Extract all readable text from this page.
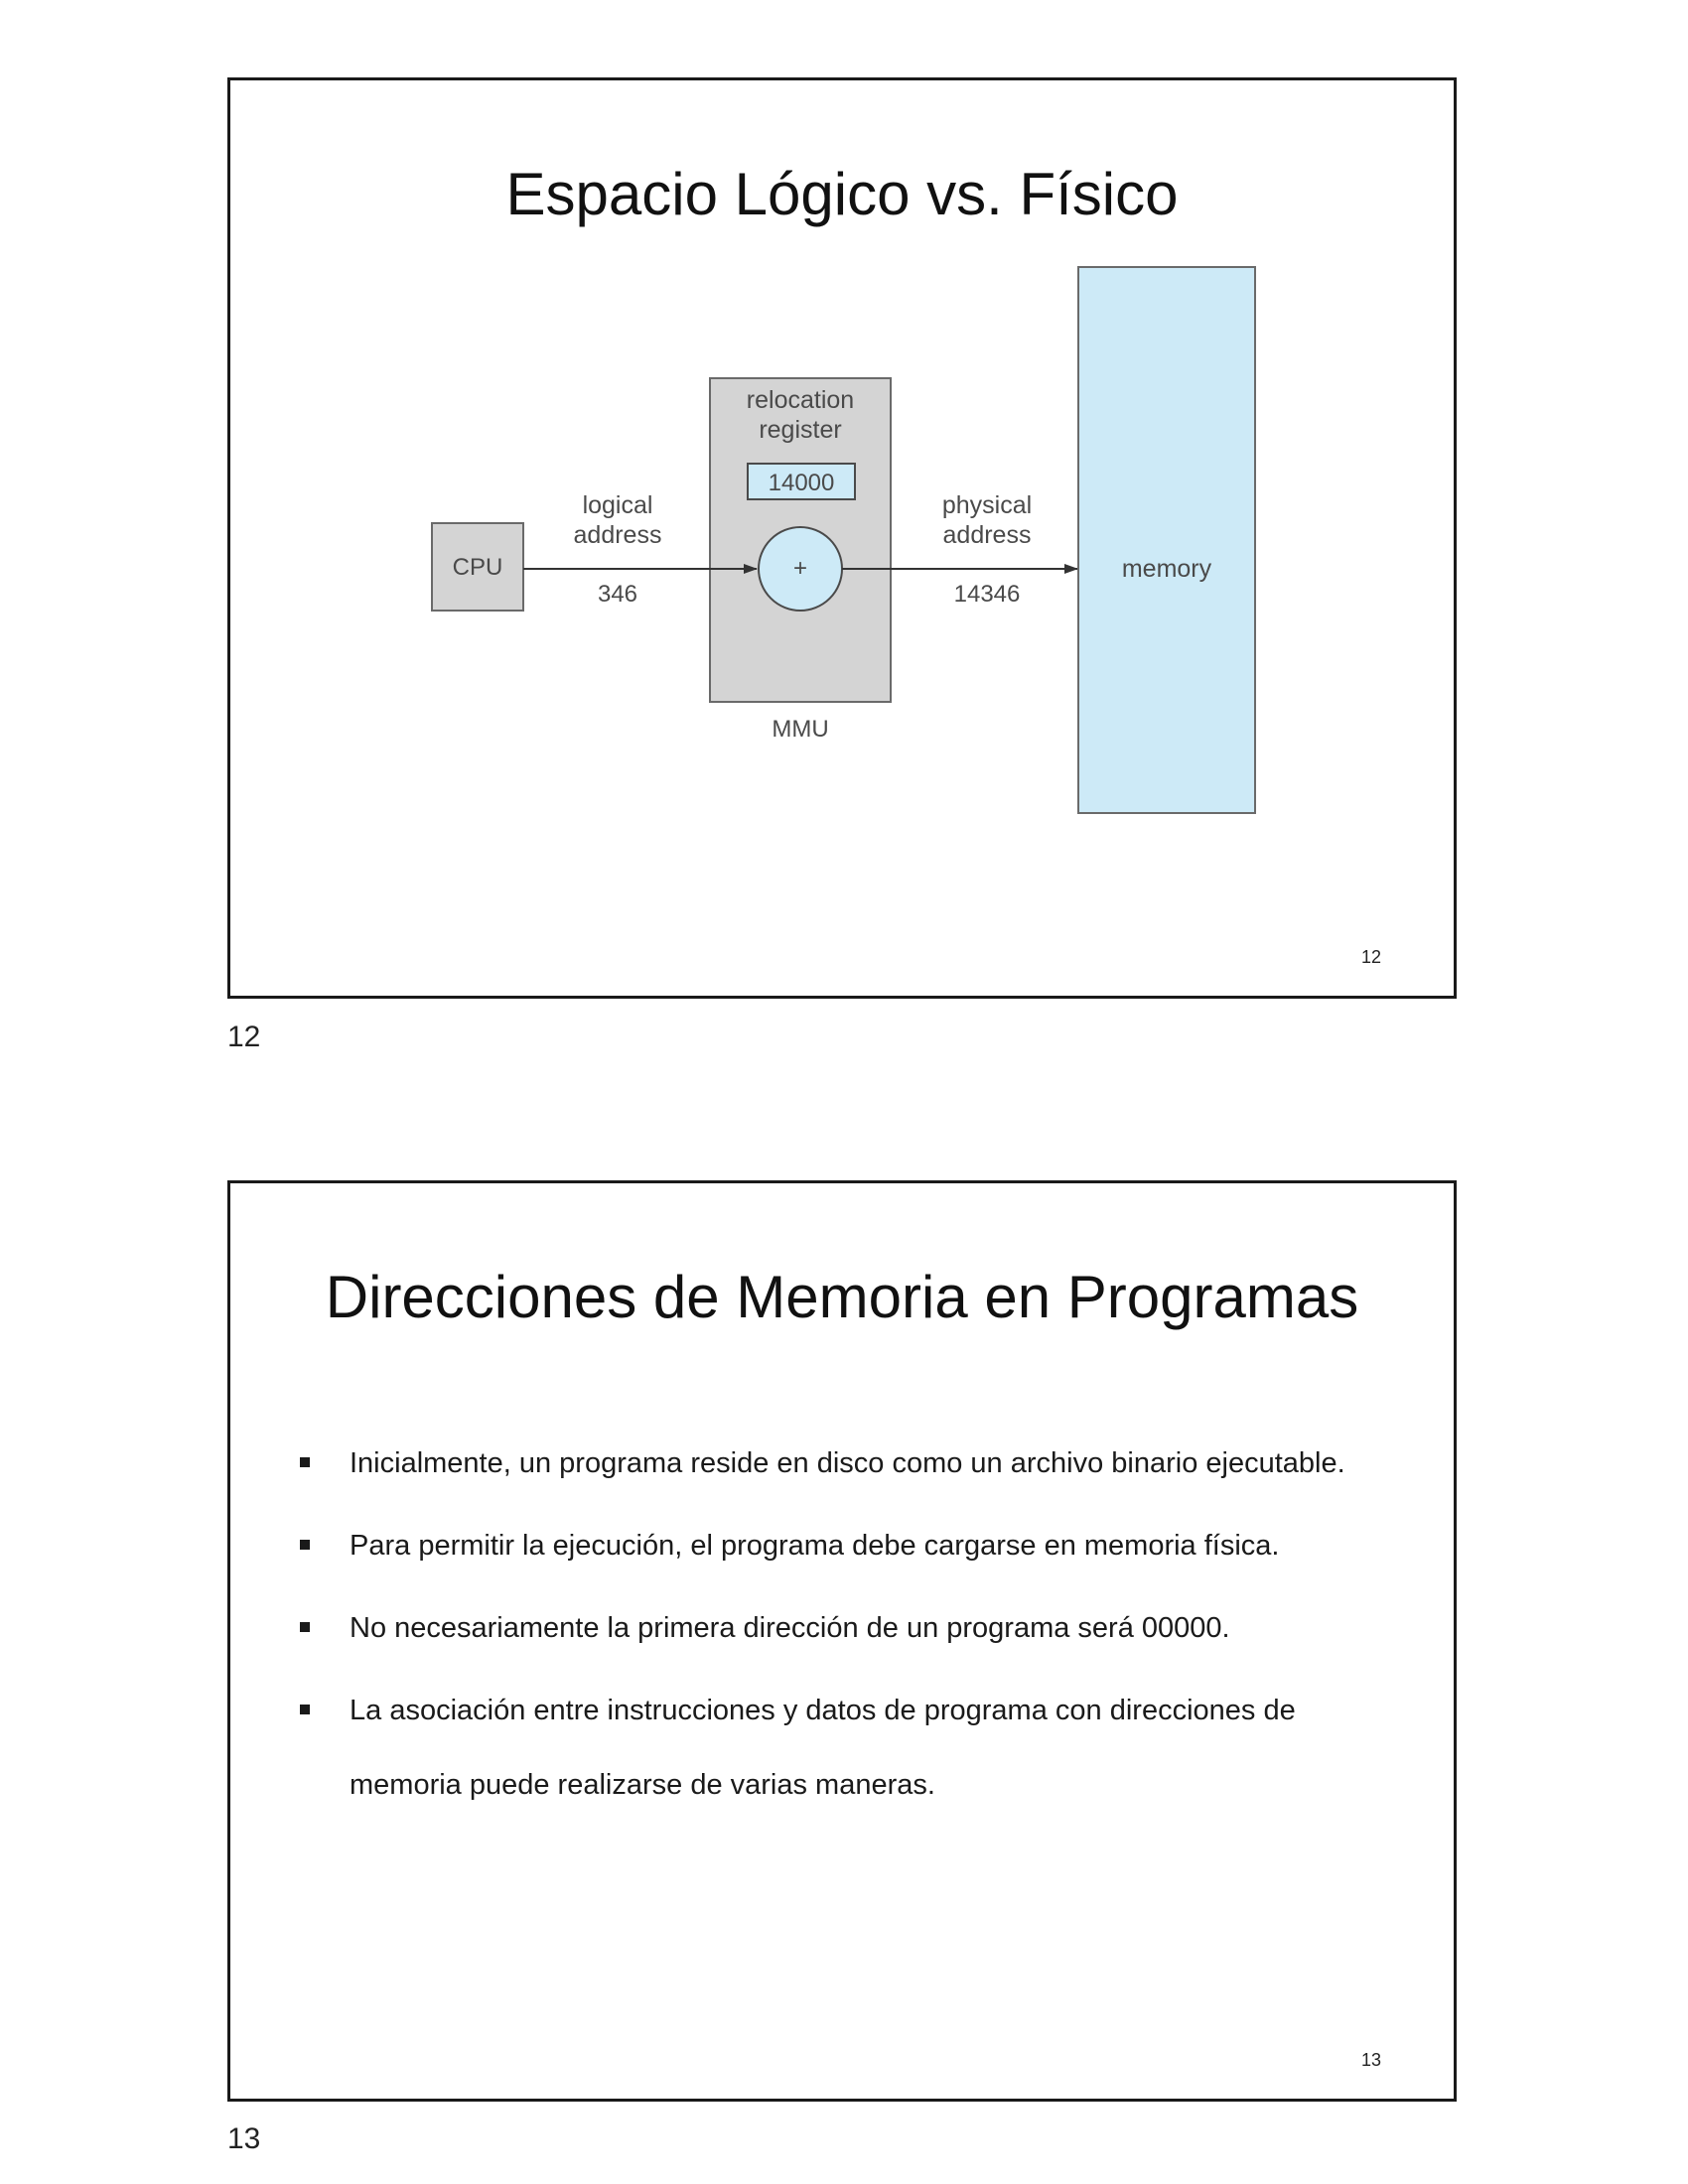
Espacio Lógico vs. Físico
CPU
relocation
register
14000
+
MMU
logical
address
346
physical
address
14346
memory
12
12
Direcciones de Memoria en Programas
Inicialmente, un programa reside en disco como un archivo binario ejecutable.
Para permitir la ejecución, el programa debe cargarse en memoria física.
No necesariamente la primera dirección de un programa será 00000.
La asociación entre instrucciones y datos de programa con direcciones de memoria puede realizarse de varias maneras.
13
13
